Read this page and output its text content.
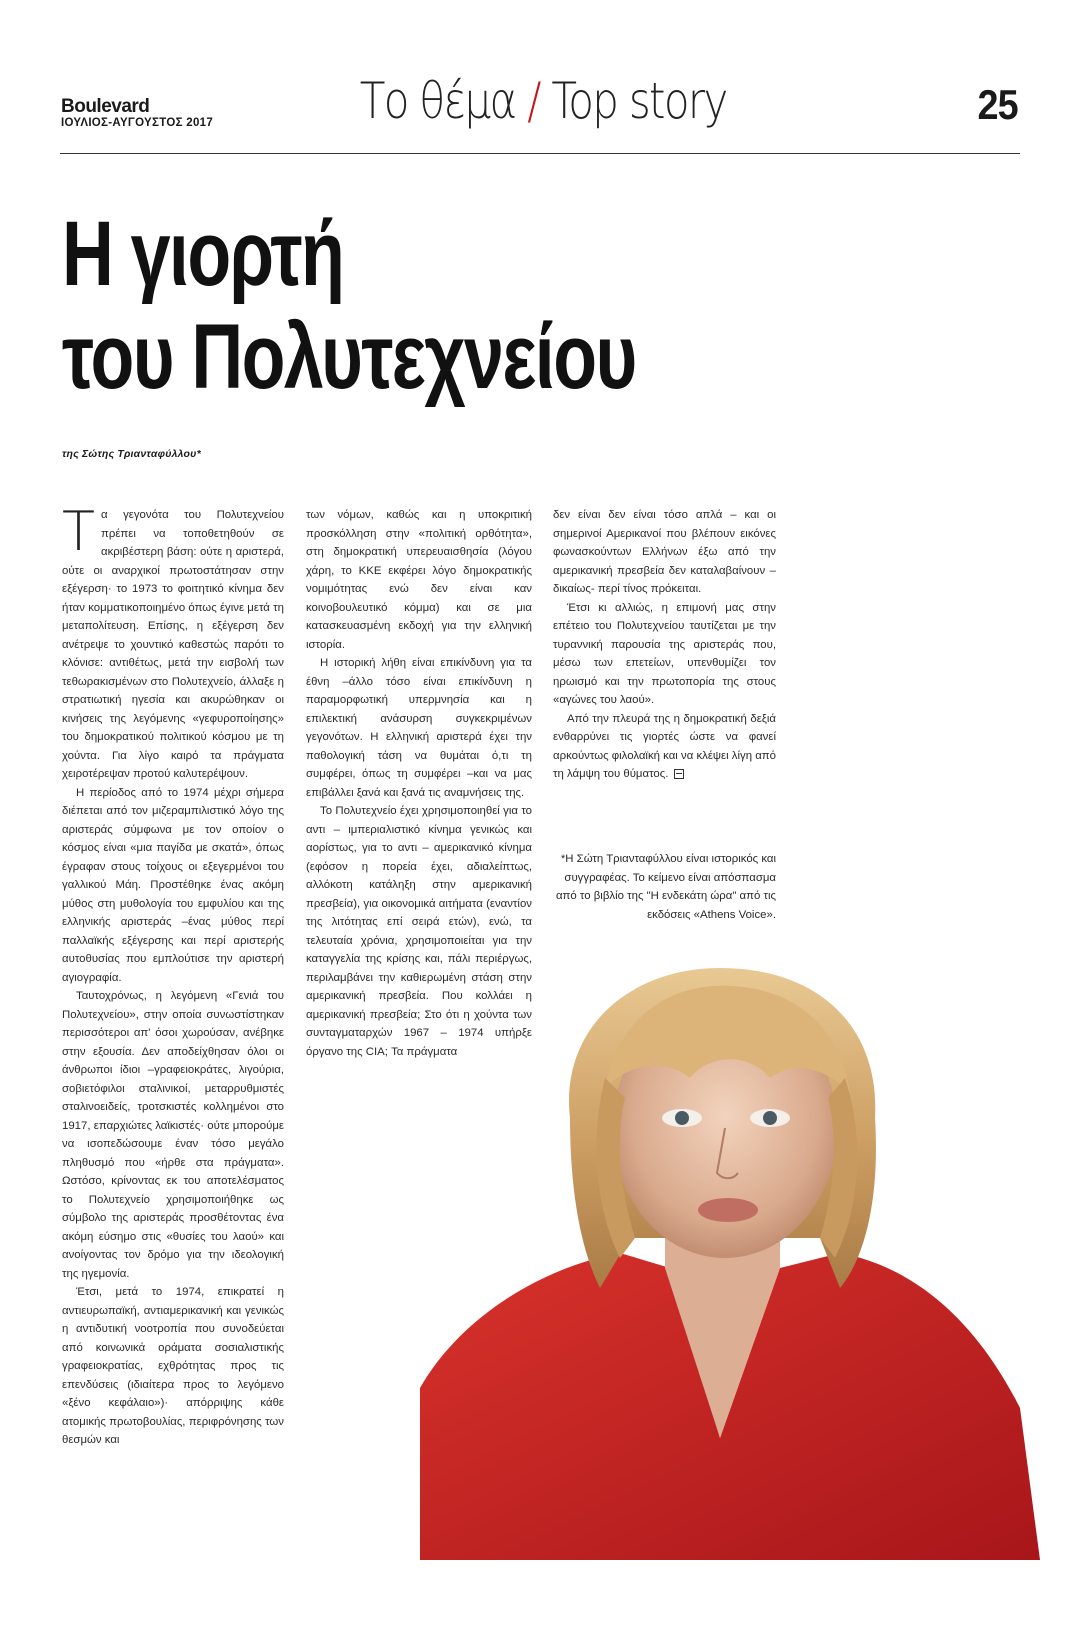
Boulevard
ΙΟΥΛΙΟΣ-ΑΥΓΟΥΣΤΟΣ 2017	Το θέμα / Top story	25
Η γιορτή
του Πολυτεχνείου
της Σώτης Τριανταφύλλου*

Τα γεγονότα του Πολυτεχνείου πρέπει να τοποθετηθούν σε ακριβέστερη βάση: ούτε η αριστερά, ούτε οι αναρχικοί πρωτοστάτησαν στην εξέγερση· το 1973 το φοιτητικό κίνημα δεν ήταν κομματικοποιημένο όπως έγινε μετά τη μεταπολίτευση. Επίσης, η εξέγερση δεν ανέτρεψε το χουντικό καθεστώς παρότι το κλόνισε: αντιθέτως, μετά την εισβολή των τεθωρακισμένων στο Πολυτεχνείο, άλλαξε η στρατιωτική ηγεσία και ακυρώθηκαν οι κινήσεις της λεγόμενης «γεφυροποίησης» του δημοκρατικού πολιτικού κόσμου με τη χούντα. Για λίγο καιρό τα πράγματα χειροτέρεψαν προτού καλυτερέψουν.

Η περίοδος από το 1974 μέχρι σήμερα διέπεται από τον μιζεραμπιλιστικό λόγο της αριστεράς σύμφωνα με τον οποίον ο κόσμος είναι «μια παγίδα με σκατά», όπως έγραφαν στους τοίχους οι εξεγερμένοι του γαλλικού Μάη. Προστέθηκε ένας ακόμη μύθος στη μυθολογία του εμφυλίου και της ελληνικής αριστεράς –ένας μύθος περί παλλαϊκής εξέγερσης και περί αριστερής αυτοθυσίας που εμπλούτισε την αριστερή αγιογραφία.

Ταυτοχρόνως, η λεγόμενη «Γενιά του Πολυτεχνείου», στην οποία συνωστίστηκαν περισσότεροι απ' όσοι χωρούσαν, ανέβηκε στην εξουσία. Δεν αποδείχθησαν όλοι οι άνθρωποι ίδιοι –γραφειοκράτες, λιγούρια, σοβιετόφιλοι σταλινικοί, μεταρρυθμιστές σταλινοειδείς, τροτσκιστές κολλημένοι στο 1917, επαρχιώτες λαϊκιστές· ούτε μπορούμε να ισοπεδώσουμε έναν τόσο μεγάλο πληθυσμό που «ήρθε στα πράγματα». Ωστόσο, κρίνοντας εκ του αποτελέσματος το Πολυτεχνείο χρησιμοποιήθηκε ως σύμβολο της αριστεράς προσθέτοντας ένα ακόμη εύσημο στις «θυσίες του λαού» και ανοίγοντας τον δρόμο για την ιδεολογική της ηγεμονία.

Έτσι, μετά το 1974, επικρατεί η αντιευρωπαϊκή, αντιαμερικανική και γενικώς η αντιδυτική νοοτροπία που συνοδεύεται από κοινωνικά οράματα σοσιαλιστικής γραφειοκρατίας, εχθρότητας προς τις επενδύσεις (ιδιαίτερα προς το λεγόμενο «ξένο κεφάλαιο»)· απόρριψης κάθε ατομικής πρωτοβουλίας, περιφρόνησης των θεσμών και

των νόμων, καθώς και η υποκριτική προσκόλληση στην «πολιτική ορθότητα», στη δημοκρατική υπερευαισθησία (λόγου χάρη, το ΚΚΕ εκφέρει λόγο δημοκρατικής νομιμότητας ενώ δεν είναι καν κοινοβουλευτικό κόμμα) και σε μια κατασκευασμένη εκδοχή για την ελληνική ιστορία.

Η ιστορική λήθη είναι επικίνδυνη για τα έθνη –άλλο τόσο είναι επικίνδυνη η παραμορφωτική υπερμνησία και η επιλεκτική ανάσυρση συγκεκριμένων γεγονότων. Η ελληνική αριστερά έχει την παθολογική τάση να θυμάται ό,τι τη συμφέρει, όπως τη συμφέρει –και να μας επιβάλλει ξανά και ξανά τις αναμνήσεις της.

Το Πολυτεχνείο έχει χρησιμοποιηθεί για το αντι – ιμπεριαλιστικό κίνημα γενικώς και αορίστως, για το αντι – αμερικανικό κίνημα (εφόσον η πορεία έχει, αδιαλείπτως, αλλόκοτη κατάληξη στην αμερικανική πρεσβεία), για οικονομικά αιτήματα (εναντίον της λιτότητας επί σειρά ετών), ενώ, τα τελευταία χρόνια, χρησιμοποιείται για την καταγγελία της κρίσης και, πάλι περιέργως, περιλαμβάνει την καθιερωμένη στάση στην αμερικανική πρεσβεία. Που κολλάει η αμερικανική πρεσβεία; Στο ότι η χούντα των συνταγματαρχών 1967 – 1974 υπήρξε όργανο της CIA; Τα πράγματα

δεν είναι δεν είναι τόσο απλά – και οι σημερινοί Αμερικανοί που βλέπουν εικόνες φωνασκούντων Ελλήνων έξω από την αμερικανική πρεσβεία δεν καταλαβαίνουν –δικαίως- περί τίνος πρόκειται.

Έτσι κι αλλιώς, η επιμονή μας στην επέτειο του Πολυτεχνείου ταυτίζεται με την τυραννική παρουσία της αριστεράς που, μέσω των επετείων, υπενθυμίζει τον ηρωισμό και την πρωτοπορία της στους «αγώνες του λαού».

Από την πλευρά της η δημοκρατική δεξιά ενθαρρύνει τις γιορτές ώστε να φανεί αρκούντως φιλολαϊκή και να κλέψει λίγη από τη λάμψη του θύματος.

*Η Σώτη Τριανταφύλλου είναι ιστορικός και συγγραφέας. Το κείμενο είναι απόσπασμα από το βιβλίο της "Η ενδεκάτη ώρα" από τις εκδόσεις «Athens Voice».
